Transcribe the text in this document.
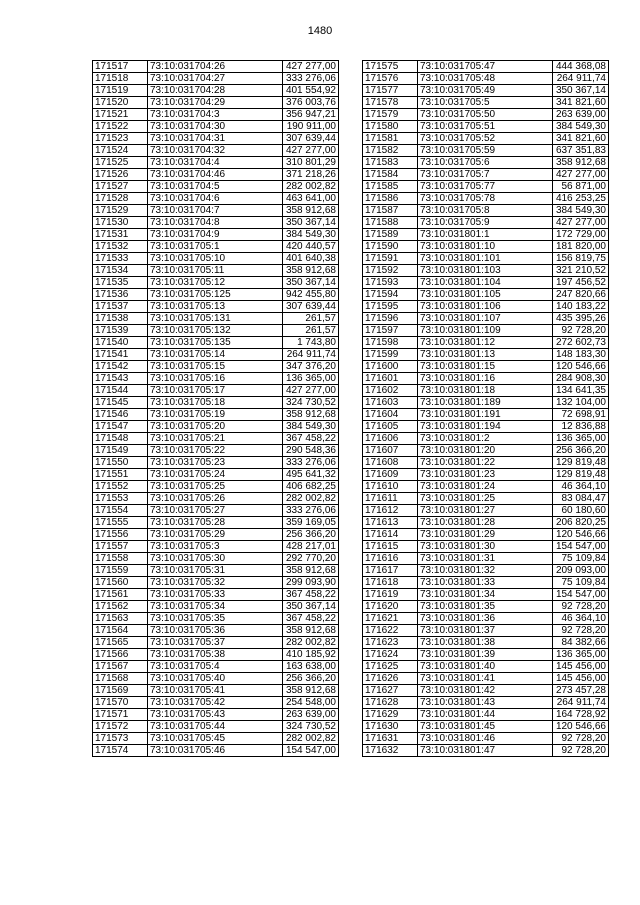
1480
171517	73:10:031704:26	427 277,00
171518	73:10:031704:27	333 276,06
171519	73:10:031704:28	401 554,92
171520	73:10:031704:29	376 003,76
171521	73:10:031704:3	356 947,21
171522	73:10:031704:30	190 911,00
171523	73:10:031704:31	307 639,44
171524	73:10:031704:32	427 277,00
171525	73:10:031704:4	310 801,29
171526	73:10:031704:46	371 218,26
171527	73:10:031704:5	282 002,82
171528	73:10:031704:6	463 641,00
171529	73:10:031704:7	358 912,68
171530	73:10:031704:8	350 367,14
171531	73:10:031704:9	384 549,30
171532	73:10:031705:1	420 440,57
171533	73:10:031705:10	401 640,38
171534	73:10:031705:11	358 912,68
171535	73:10:031705:12	350 367,14
171536	73:10:031705:125	942 455,80
171537	73:10:031705:13	307 639,44
171538	73:10:031705:131	261,57
171539	73:10:031705:132	261,57
171540	73:10:031705:135	1 743,80
171541	73:10:031705:14	264 911,74
171542	73:10:031705:15	347 376,20
171543	73:10:031705:16	136 365,00
171544	73:10:031705:17	427 277,00
171545	73:10:031705:18	324 730,52
171546	73:10:031705:19	358 912,68
171547	73:10:031705:20	384 549,30
171548	73:10:031705:21	367 458,22
171549	73:10:031705:22	290 548,36
171550	73:10:031705:23	333 276,06
171551	73:10:031705:24	495 641,32
171552	73:10:031705:25	406 682,25
171553	73:10:031705:26	282 002,82
171554	73:10:031705:27	333 276,06
171555	73:10:031705:28	359 169,05
171556	73:10:031705:29	256 366,20
171557	73:10:031705:3	428 217,01
171558	73:10:031705:30	292 770,20
171559	73:10:031705:31	358 912,68
171560	73:10:031705:32	299 093,90
171561	73:10:031705:33	367 458,22
171562	73:10:031705:34	350 367,14
171563	73:10:031705:35	367 458,22
171564	73:10:031705:36	358 912,68
171565	73:10:031705:37	282 002,82
171566	73:10:031705:38	410 185,92
171567	73:10:031705:4	163 638,00
171568	73:10:031705:40	256 366,20
171569	73:10:031705:41	358 912,68
171570	73:10:031705:42	254 548,00
171571	73:10:031705:43	263 639,00
171572	73:10:031705:44	324 730,52
171573	73:10:031705:45	282 002,82
171574	73:10:031705:46	154 547,00
171575	73:10:031705:47	444 368,08
171576	73:10:031705:48	264 911,74
171577	73:10:031705:49	350 367,14
171578	73:10:031705:5	341 821,60
171579	73:10:031705:50	263 639,00
171580	73:10:031705:51	384 549,30
171581	73:10:031705:52	341 821,60
171582	73:10:031705:59	637 351,83
171583	73:10:031705:6	358 912,68
171584	73:10:031705:7	427 277,00
171585	73:10:031705:77	56 871,00
171586	73:10:031705:78	416 253,25
171587	73:10:031705:8	384 549,30
171588	73:10:031705:9	427 277,00
171589	73:10:031801:1	172 729,00
171590	73:10:031801:10	181 820,00
171591	73:10:031801:101	156 819,75
171592	73:10:031801:103	321 210,52
171593	73:10:031801:104	197 456,52
171594	73:10:031801:105	247 820,66
171595	73:10:031801:106	140 183,22
171596	73:10:031801:107	435 395,26
171597	73:10:031801:109	92 728,20
171598	73:10:031801:12	272 602,73
171599	73:10:031801:13	148 183,30
171600	73:10:031801:15	120 546,66
171601	73:10:031801:16	284 908,30
171602	73:10:031801:18	134 641,35
171603	73:10:031801:189	132 104,00
171604	73:10:031801:191	72 698,91
171605	73:10:031801:194	12 836,88
171606	73:10:031801:2	136 365,00
171607	73:10:031801:20	256 366,20
171608	73:10:031801:22	129 819,48
171609	73:10:031801:23	129 819,48
171610	73:10:031801:24	46 364,10
171611	73:10:031801:25	83 084,47
171612	73:10:031801:27	60 180,60
171613	73:10:031801:28	206 820,25
171614	73:10:031801:29	120 546,66
171615	73:10:031801:30	154 547,00
171616	73:10:031801:31	75 109,84
171617	73:10:031801:32	209 093,00
171618	73:10:031801:33	75 109,84
171619	73:10:031801:34	154 547,00
171620	73:10:031801:35	92 728,20
171621	73:10:031801:36	46 364,10
171622	73:10:031801:37	92 728,20
171623	73:10:031801:38	84 382,66
171624	73:10:031801:39	136 365,00
171625	73:10:031801:40	145 456,00
171626	73:10:031801:41	145 456,00
171627	73:10:031801:42	273 457,28
171628	73:10:031801:43	264 911,74
171629	73:10:031801:44	164 728,92
171630	73:10:031801:45	120 546,66
171631	73:10:031801:46	92 728,20
171632	73:10:031801:47	92 728,20
